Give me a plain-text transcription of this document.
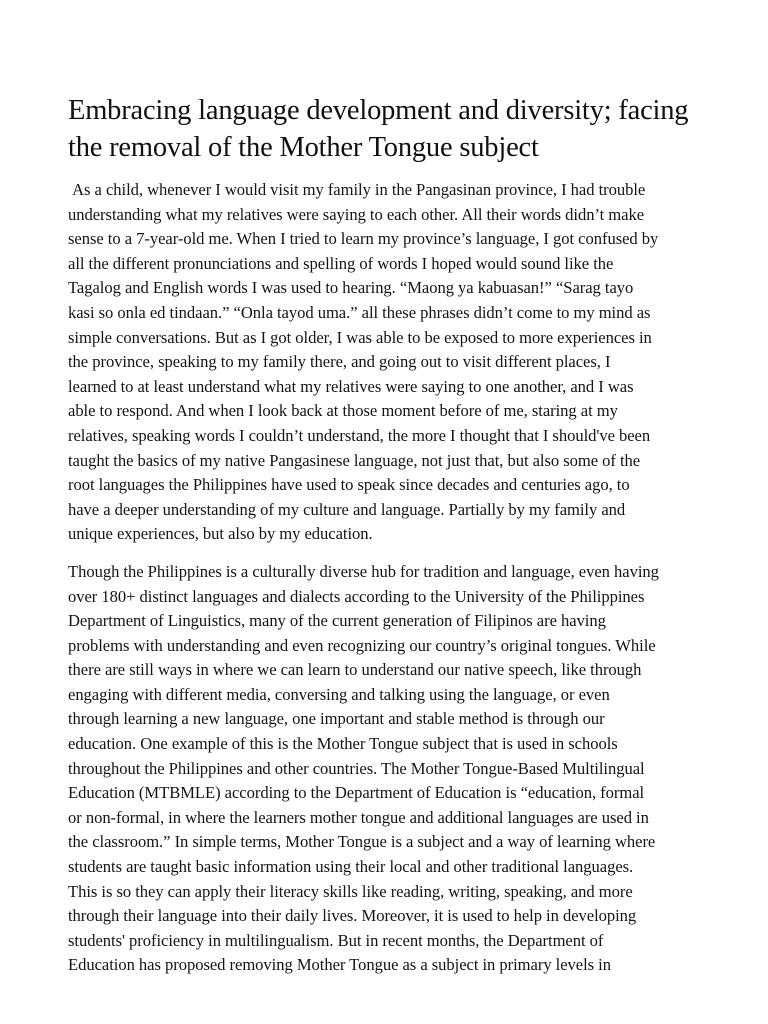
Embracing language development and diversity; facing
the removal of the Mother Tongue subject

As a child, whenever I would visit my family in the Pangasinan province, I had trouble
understanding what my relatives were saying to each other. All their words didn’t make
sense to a 7-year-old me. When I tried to learn my province’s language, I got confused by
all the different pronunciations and spelling of words I hoped would sound like the
Tagalog and English words I was used to hearing. “Maong ya kabuasan!” “Sarag tayo
kasi so onla ed tindaan.” “Onla tayod uma.” all these phrases didn’t come to my mind as
simple conversations. But as I got older, I was able to be exposed to more experiences in
the province, speaking to my family there, and going out to visit different places, I
learned to at least understand what my relatives were saying to one another, and I was
able to respond. And when I look back at those moment before of me, staring at my
relatives, speaking words I couldn’t understand, the more I thought that I should've been
taught the basics of my native Pangasinese language, not just that, but also some of the
root languages the Philippines have used to speak since decades and centuries ago, to
have a deeper understanding of my culture and language. Partially by my family and
unique experiences, but also by my education.

Though the Philippines is a culturally diverse hub for tradition and language, even having
over 180+ distinct languages and dialects according to the University of the Philippines
Department of Linguistics, many of the current generation of Filipinos are having
problems with understanding and even recognizing our country’s original tongues. While
there are still ways in where we can learn to understand our native speech, like through
engaging with different media, conversing and talking using the language, or even
through learning a new language, one important and stable method is through our
education. One example of this is the Mother Tongue subject that is used in schools
throughout the Philippines and other countries. The Mother Tongue-Based Multilingual
Education (MTBMLE) according to the Department of Education is “education, formal
or non-formal, in where the learners mother tongue and additional languages are used in
the classroom.” In simple terms, Mother Tongue is a subject and a way of learning where
students are taught basic information using their local and other traditional languages.
This is so they can apply their literacy skills like reading, writing, speaking, and more
through their language into their daily lives. Moreover, it is used to help in developing
students' proficiency in multilingualism. But in recent months, the Department of
Education has proposed removing Mother Tongue as a subject in primary levels in
